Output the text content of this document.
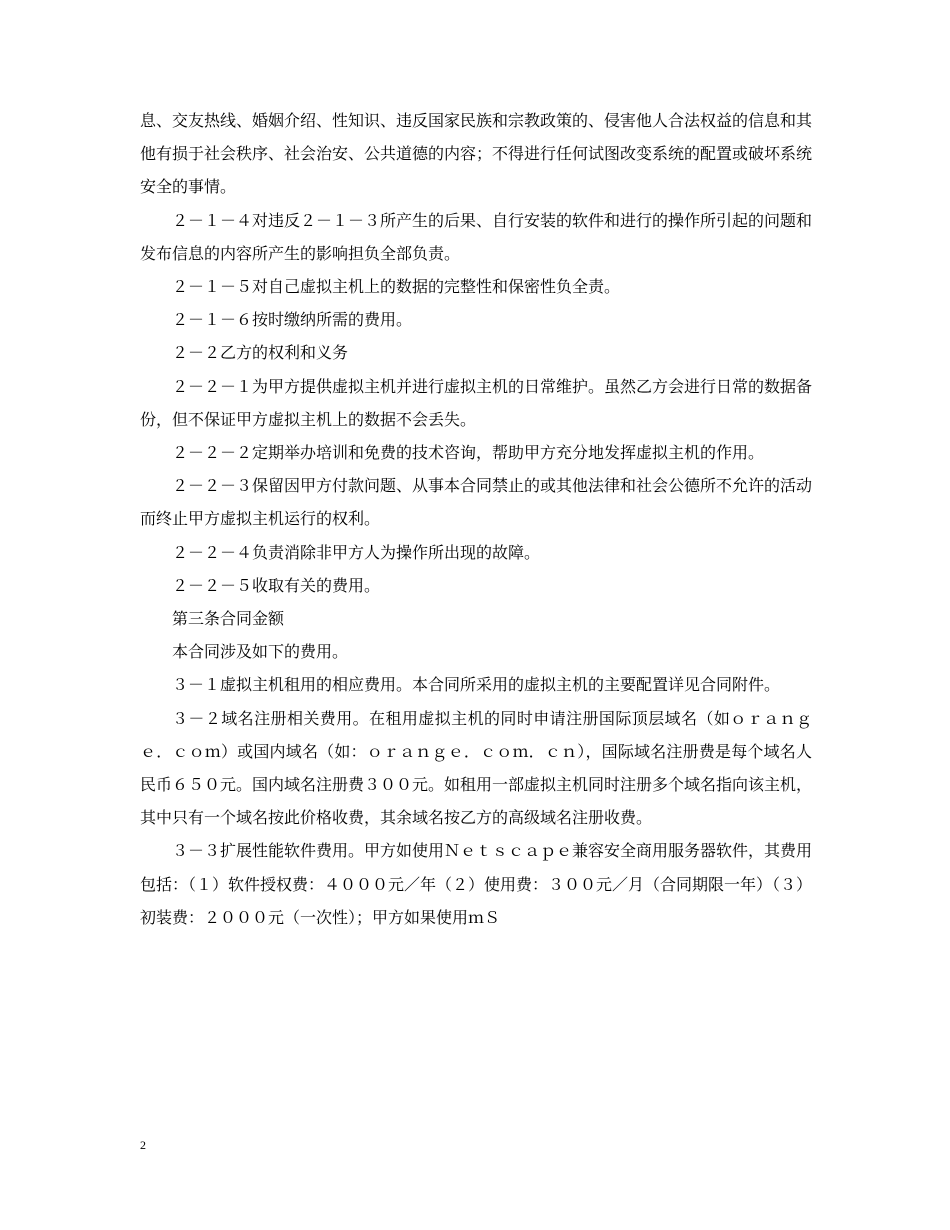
息、交友热线、婚姻介绍、性知识、违反国家民族和宗教政策的、侵害他人合法权益的信息和其他有损于社会秩序、社会治安、公共道德的内容；不得进行任何试图改变系统的配置或破坏系统安全的事情。

２－１－４对违反２－１－３所产生的后果、自行安装的软件和进行的操作所引起的问题和发布信息的内容所产生的影响担负全部负责。

２－１－５对自己虚拟主机上的数据的完整性和保密性负全责。

２－１－６按时缴纳所需的费用。

２－２乙方的权利和义务

２－２－１为甲方提供虚拟主机并进行虚拟主机的日常维护。虽然乙方会进行日常的数据备份，但不保证甲方虚拟主机上的数据不会丢失。

２－２－２定期举办培训和免费的技术咨询，帮助甲方充分地发挥虚拟主机的作用。

２－２－３保留因甲方付款问题、从事本合同禁止的或其他法律和社会公德所不允许的活动而终止甲方虚拟主机运行的权利。

２－２－４负责消除非甲方人为操作所出现的故障。

２－２－５收取有关的费用。

第三条合同金额

本合同涉及如下的费用。

３－１虚拟主机租用的相应费用。本合同所采用的虚拟主机的主要配置详见合同附件。

３－２域名注册相关费用。在租用虚拟主机的同时申请注册国际顶层域名（如ｏｒａｎｇｅ．ｃｏｍ）或国内域名（如：ｏｒａｎｇｅ．ｃｏｍ．ｃｎ），国际域名注册费是每个域名人民币６５０元。国内域名注册费３００元。如租用一部虚拟主机同时注册多个域名指向该主机，其中只有一个域名按此价格收费，其余域名按乙方的高级域名注册收费。

３－３扩展性能软件费用。甲方如使用Ｎｅｔｓｃａｐｅ兼容安全商用服务器软件，其费用包括：（１）软件授权费：４０００元／年（２）使用费：３００元／月（合同期限一年）（３）初装费：２０００元（一次性）；甲方如果使用ｍＳ

2
